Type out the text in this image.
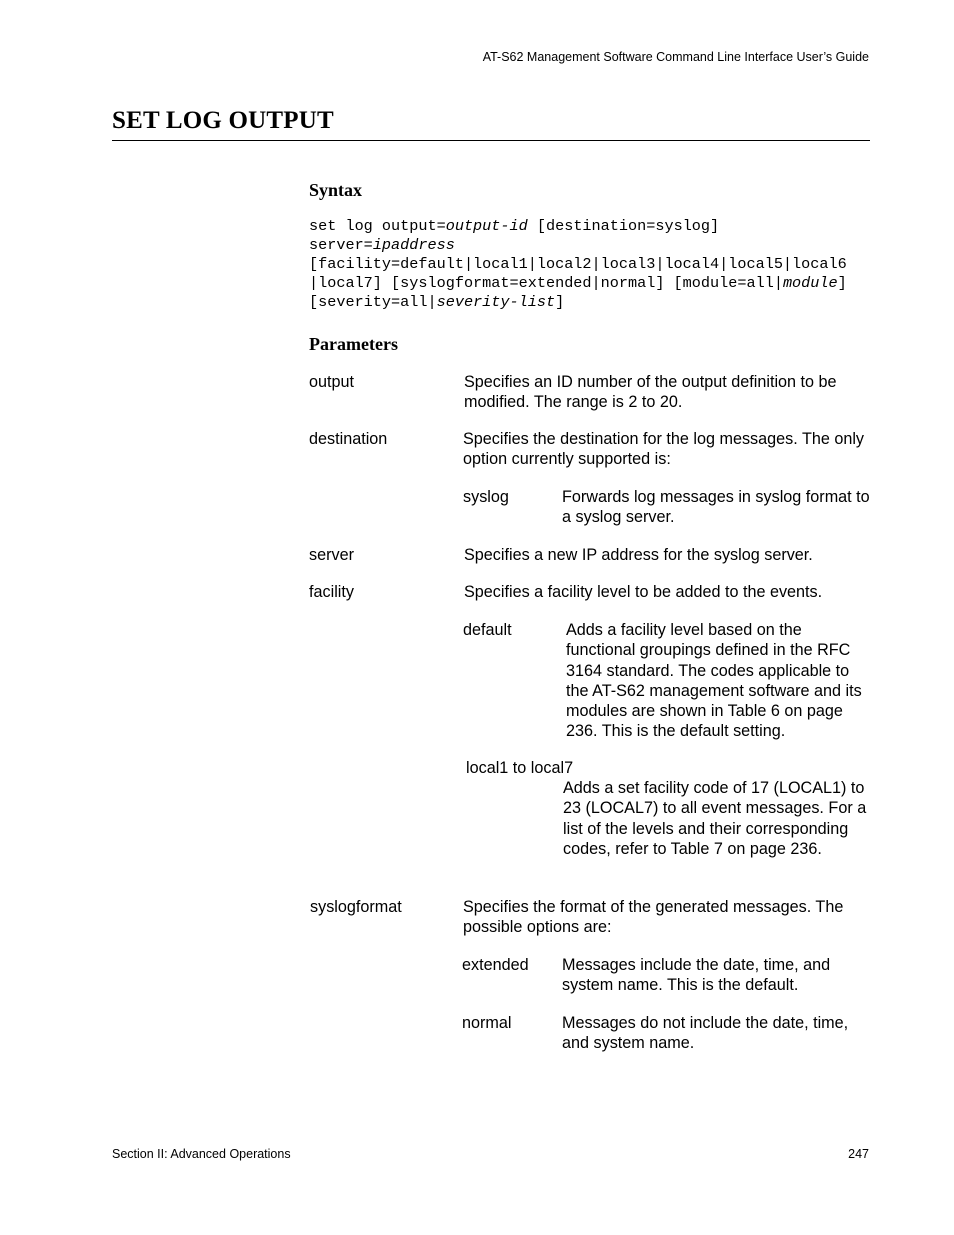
AT-S62 Management Software Command Line Interface User’s Guide
SET LOG OUTPUT
Syntax
set log output=output-id [destination=syslog]
server=ipaddress
[facility=default|local1|local2|local3|local4|local5|local6
|local7] [syslogformat=extended|normal] [module=all|module]
[severity=all|severity-list]
Parameters
output	Specifies an ID number of the output definition to be modified. The range is 2 to 20.
destination	Specifies the destination for the log messages. The only option currently supported is:
syslog	Forwards log messages in syslog format to a syslog server.
server	Specifies a new IP address for the syslog server.
facility	Specifies a facility level to be added to the events.
default	Adds a facility level based on the functional groupings defined in the RFC 3164 standard. The codes applicable to the AT-S62 management software and its modules are shown in Table 6 on page 236. This is the default setting.
local1 to local7
Adds a set facility code of 17 (LOCAL1) to 23 (LOCAL7) to all event messages. For a list of the levels and their corresponding codes, refer to Table 7 on page 236.
syslogformat	Specifies the format of the generated messages. The possible options are:
extended Messages include the date, time, and system name. This is the default.
normal	Messages do not include the date, time, and system name.
Section II: Advanced Operations	247
